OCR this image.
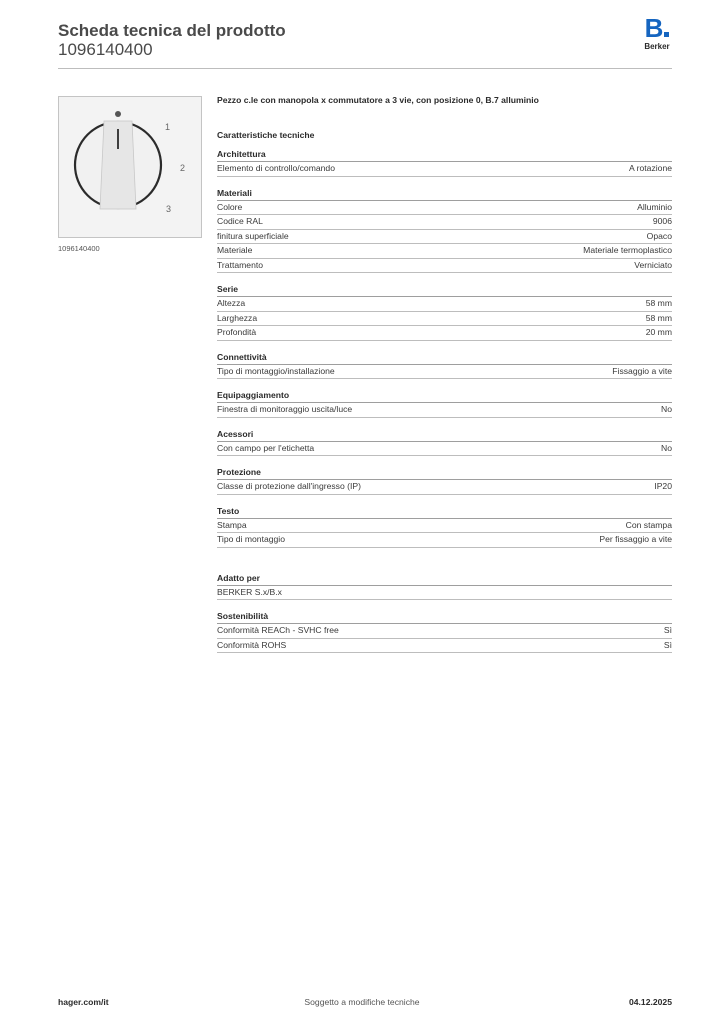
Scheda tecnica del prodotto
1096140400
B
Berker
1
2
3
1096140400
Pezzo c.le con manopola x commutatore a 3 vie, con posizione 0, B.7 alluminio
Caratteristiche tecniche
Architettura
Elemento di controllo/comando	A rotazione
Materiali
Colore	Alluminio
Codice RAL	9006
finitura superficiale	Opaco
Materiale	Materiale termoplastico
Trattamento	Verniciato
Serie
Altezza	58 mm
Larghezza	58 mm
Profondità	20 mm
Connettività
Tipo di montaggio/installazione	Fissaggio a vite
Equipaggiamento
Finestra di monitoraggio uscita/luce	No
Acessori
Con campo per l'etichetta	No
Protezione
Classe di protezione dall'ingresso (IP)	IP20
Testo
Stampa	Con stampa
Tipo di montaggio	Per fissaggio a vite
Adatto per
BERKER S.x/B.x
Sostenibilità
Conformità REACh - SVHC free	Sì
Conformità ROHS	Sì
hager.com/it	Soggetto a modifiche tecniche	04.12.2025
